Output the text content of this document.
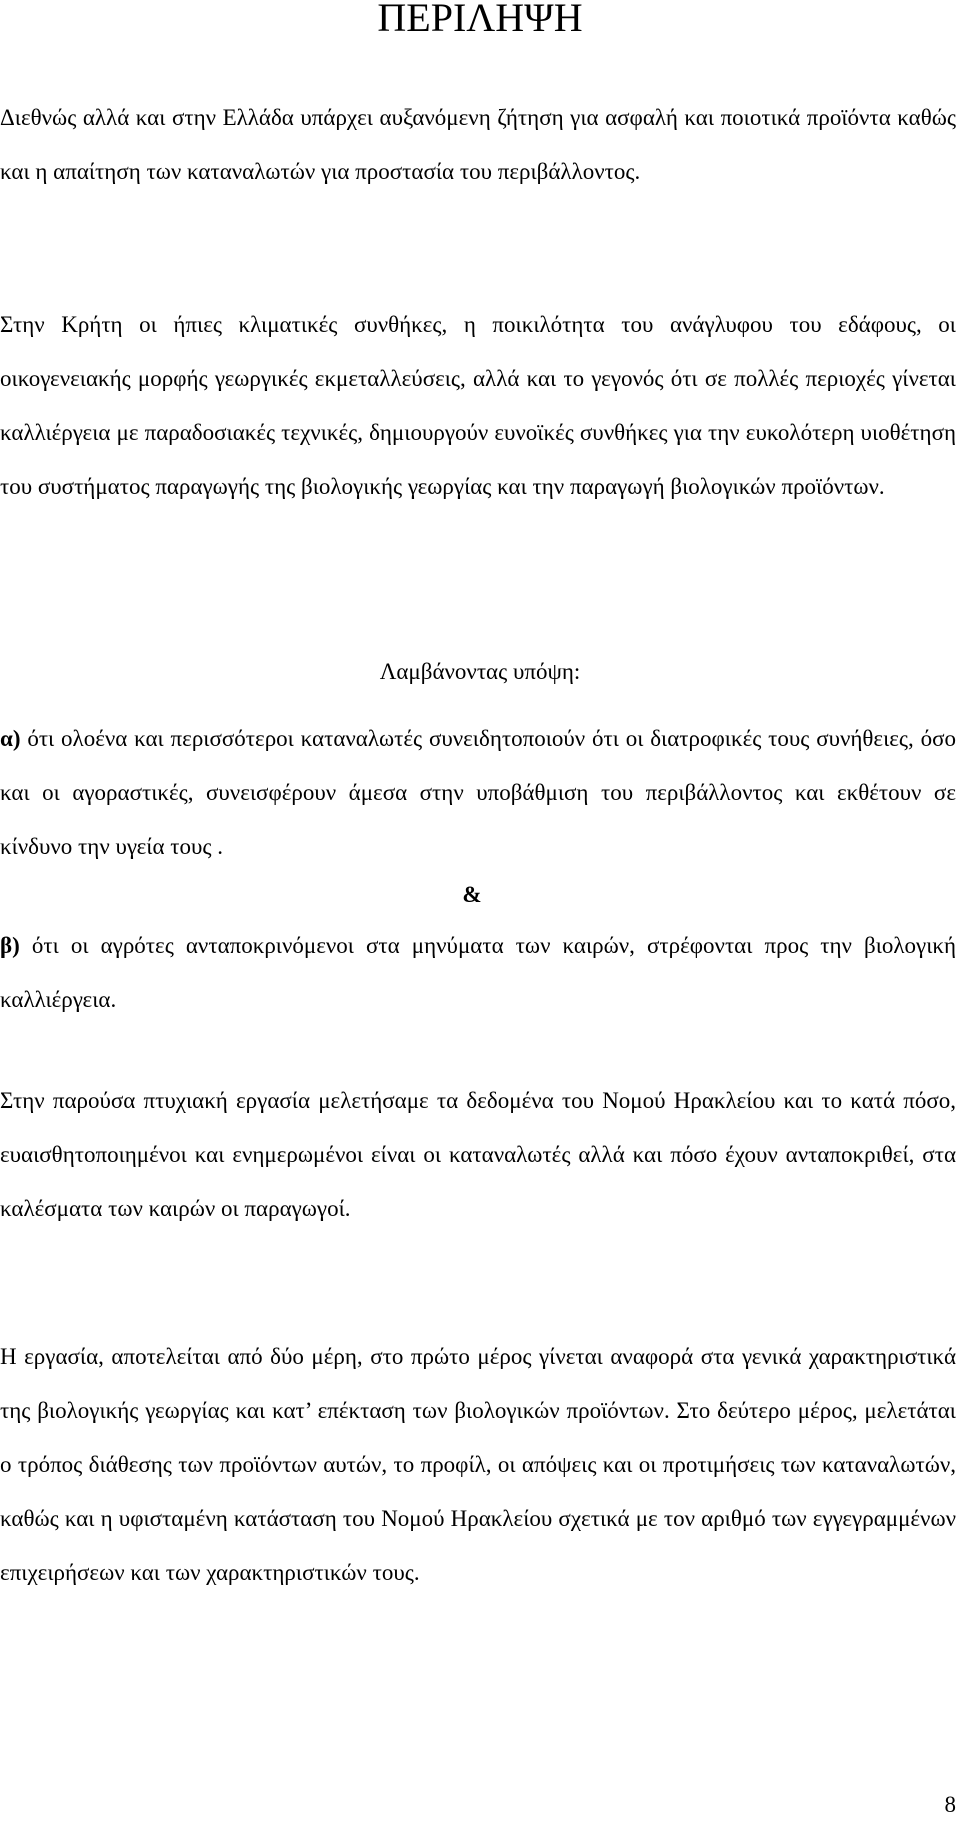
ΠΕΡΙΛΗΨΗ

Διεθνώς αλλά και στην Ελλάδα υπάρχει αυξανόμενη ζήτηση για ασφαλή και ποιοτικά προϊόντα καθώς και η απαίτηση των καταναλωτών για προστασία του περιβάλλοντος.

Στην Κρήτη οι ήπιες κλιματικές συνθήκες, η ποικιλότητα του ανάγλυφου του εδάφους, οι οικογενειακής μορφής γεωργικές εκμεταλλεύσεις, αλλά και το γεγονός ότι σε πολλές περιοχές γίνεται καλλιέργεια με παραδοσιακές τεχνικές, δημιουργούν ευνοϊκές συνθήκες για την ευκολότερη υιοθέτηση του συστήματος παραγωγής της βιολογικής γεωργίας και την παραγωγή βιολογικών προϊόντων.

Λαμβάνοντας υπόψη:

α) ότι ολοένα και περισσότεροι καταναλωτές συνειδητοποιούν ότι οι διατροφικές τους συνήθειες, όσο και οι αγοραστικές, συνεισφέρουν άμεσα στην υποβάθμιση του περιβάλλοντος και εκθέτουν σε κίνδυνο την υγεία τους .

&

β) ότι οι αγρότες ανταποκρινόμενοι στα μηνύματα των καιρών, στρέφονται προς την βιολογική καλλιέργεια.

Στην παρούσα πτυχιακή εργασία μελετήσαμε τα δεδομένα του Νομού Ηρακλείου και το κατά πόσο, ευαισθητοποιημένοι και ενημερωμένοι είναι οι καταναλωτές αλλά και πόσο έχουν ανταποκριθεί, στα καλέσματα των καιρών οι παραγωγοί.

Η εργασία, αποτελείται από δύο μέρη, στο πρώτο μέρος γίνεται αναφορά στα γενικά χαρακτηριστικά της βιολογικής γεωργίας και κατ’ επέκταση των βιολογικών προϊόντων. Στο δεύτερο μέρος, μελετάται ο τρόπος διάθεσης των προϊόντων αυτών, το προφίλ, οι απόψεις και οι προτιμήσεις των καταναλωτών, καθώς και η υφισταμένη κατάσταση του Νομού Ηρακλείου σχετικά με τον αριθμό των εγγεγραμμένων επιχειρήσεων και των χαρακτηριστικών τους.

8
